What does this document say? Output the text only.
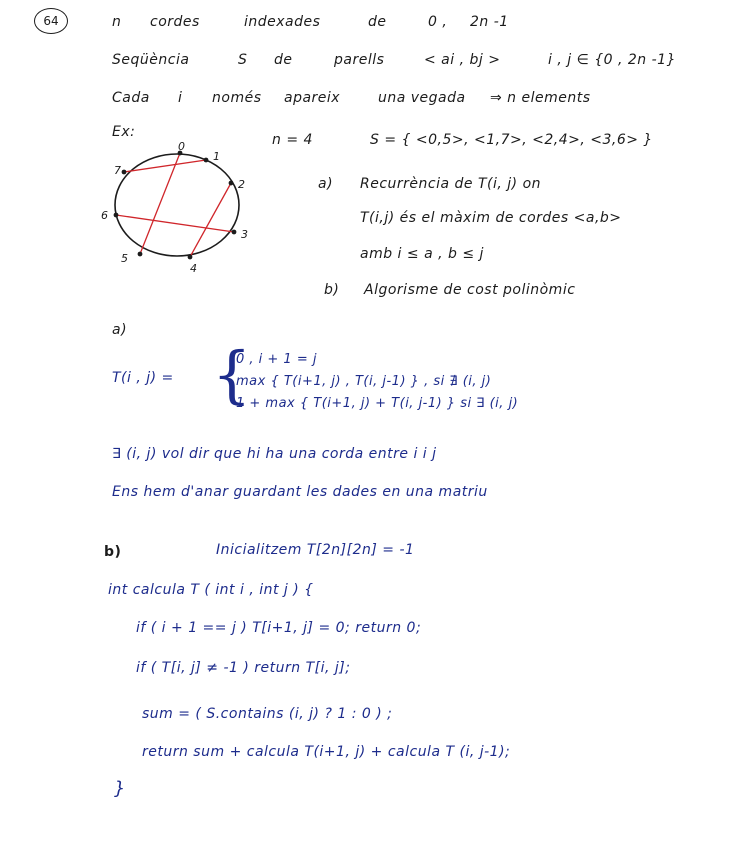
64	n cordes	indexades	de	0 , 2n -1
Seqüència	S de	parells	< ai , bj >	i , j ∈ {0 , 2n -1}
Cada i només apareix	una vegada ⇒ n elements
Ex:	n = 4	S = { <0,5>, <1,7>, <2,4>, <3,6> }
0
1
2
3
4
5
6
7
a) Recurrència de T(i, j) on
T(i,j) és el màxim de cordes <a,b>
amb i ≤ a , b ≤ j
b) Algorisme de cost polinòmic
a)
T(i , j) = {
0 , i + 1 = j
max { T(i+1, j) , T(i, j-1) } , si ∄ (i, j)
1 + max { T(i+1, j) + T(i, j-1) } si ∃ (i, j)
∃ (i, j) vol dir que hi ha una corda entre i i j
Ens hem d'anar guardant les dades en una matriu
b)	Inicialitzem T[2n][2n] = -1
int calcula T ( int i , int j ) {
if ( i + 1 == j ) T[i+1, j] = 0; return 0;
if ( T[i, j] ≠ -1 ) return T[i, j];
sum = ( S.contains (i, j) ? 1 : 0 ) ;
return sum + calcula T(i+1, j) + calcula T (i, j-1);
}
